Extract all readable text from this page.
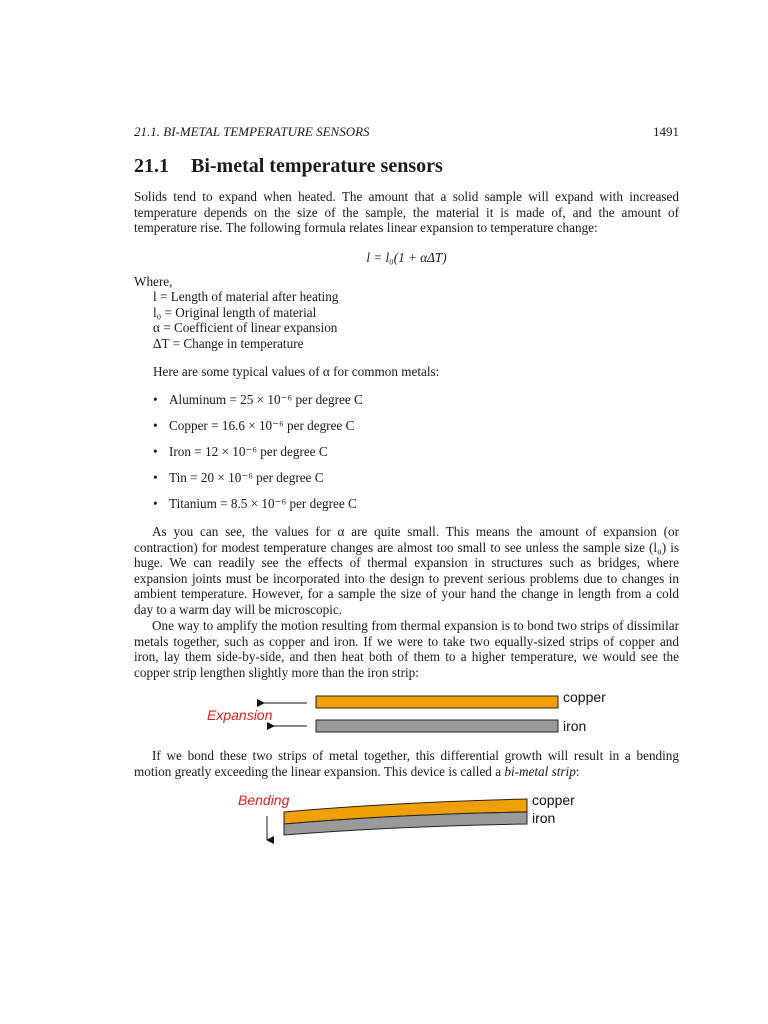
21.1. BI-METAL TEMPERATURE SENSORS	1491
21.1 Bi-metal temperature sensors
Solids tend to expand when heated. The amount that a solid sample will expand with increased temperature depends on the size of the sample, the material it is made of, and the amount of temperature rise. The following formula relates linear expansion to temperature change:
l = l₀(1 + αΔT)
Where,
l = Length of material after heating
l₀ = Original length of material
α = Coefficient of linear expansion
ΔT = Change in temperature
Here are some typical values of α for common metals:
• Aluminum = 25 × 10⁻⁶ per degree C
• Copper = 16.6 × 10⁻⁶ per degree C
• Iron = 12 × 10⁻⁶ per degree C
• Tin = 20 × 10⁻⁶ per degree C
• Titanium = 8.5 × 10⁻⁶ per degree C
As you can see, the values for α are quite small. This means the amount of expansion (or contraction) for modest temperature changes are almost too small to see unless the sample size (l₀) is huge. We can readily see the effects of thermal expansion in structures such as bridges, where expansion joints must be incorporated into the design to prevent serious problems due to changes in ambient temperature. However, for a sample the size of your hand the change in length from a cold day to a warm day will be microscopic.
One way to amplify the motion resulting from thermal expansion is to bond two strips of dissimilar metals together, such as copper and iron. If we were to take two equally-sized strips of copper and iron, lay them side-by-side, and then heat both of them to a higher temperature, we would see the copper strip lengthen slightly more than the iron strip:
Expansion
copper
iron
If we bond these two strips of metal together, this differential growth will result in a bending motion greatly exceeding the linear expansion. This device is called a bi-metal strip:
Bending	copper
iron
